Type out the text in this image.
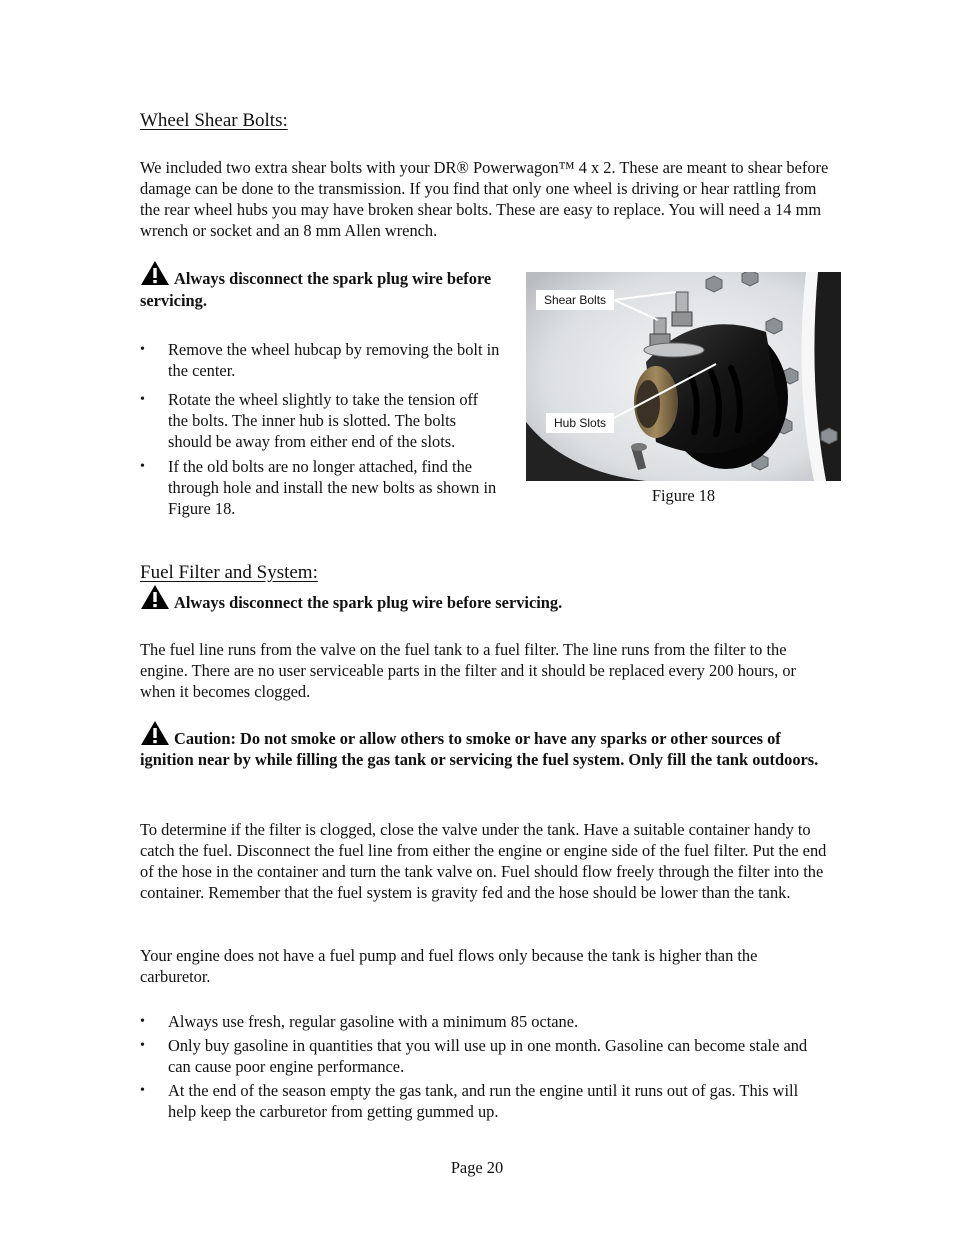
Wheel Shear Bolts:
We included two extra shear bolts with your DR® Powerwagon™ 4 x 2. These are meant to shear before damage can be done to the transmission. If you find that only one wheel is driving or hear rattling from the rear wheel hubs you may have broken shear bolts. These are easy to replace. You will need a 14 mm wrench or socket and an 8 mm Allen wrench.
Always disconnect the spark plug wire before servicing.
• Remove the wheel hubcap by removing the bolt in the center.
• Rotate the wheel slightly to take the tension off the bolts. The inner hub is slotted. The bolts should be away from either end of the slots.
• If the old bolts are no longer attached, find the through hole and install the new bolts as shown in Figure 18.
Shear Bolts
Hub Slots
Figure 18
Fuel Filter and System:
Always disconnect the spark plug wire before servicing.
The fuel line runs from the valve on the fuel tank to a fuel filter. The line runs from the filter to the engine. There are no user serviceable parts in the filter and it should be replaced every 200 hours, or when it becomes clogged.
Caution: Do not smoke or allow others to smoke or have any sparks or other sources of ignition near by while filling the gas tank or servicing the fuel system. Only fill the tank outdoors.
To determine if the filter is clogged, close the valve under the tank. Have a suitable container handy to catch the fuel. Disconnect the fuel line from either the engine or engine side of the fuel filter. Put the end of the hose in the container and turn the tank valve on. Fuel should flow freely through the filter into the container. Remember that the fuel system is gravity fed and the hose should be lower than the tank.
Your engine does not have a fuel pump and fuel flows only because the tank is higher than the carburetor.
• Always use fresh, regular gasoline with a minimum 85 octane.
• Only buy gasoline in quantities that you will use up in one month. Gasoline can become stale and can cause poor engine performance.
• At the end of the season empty the gas tank, and run the engine until it runs out of gas. This will help keep the carburetor from getting gummed up.
Page 20
